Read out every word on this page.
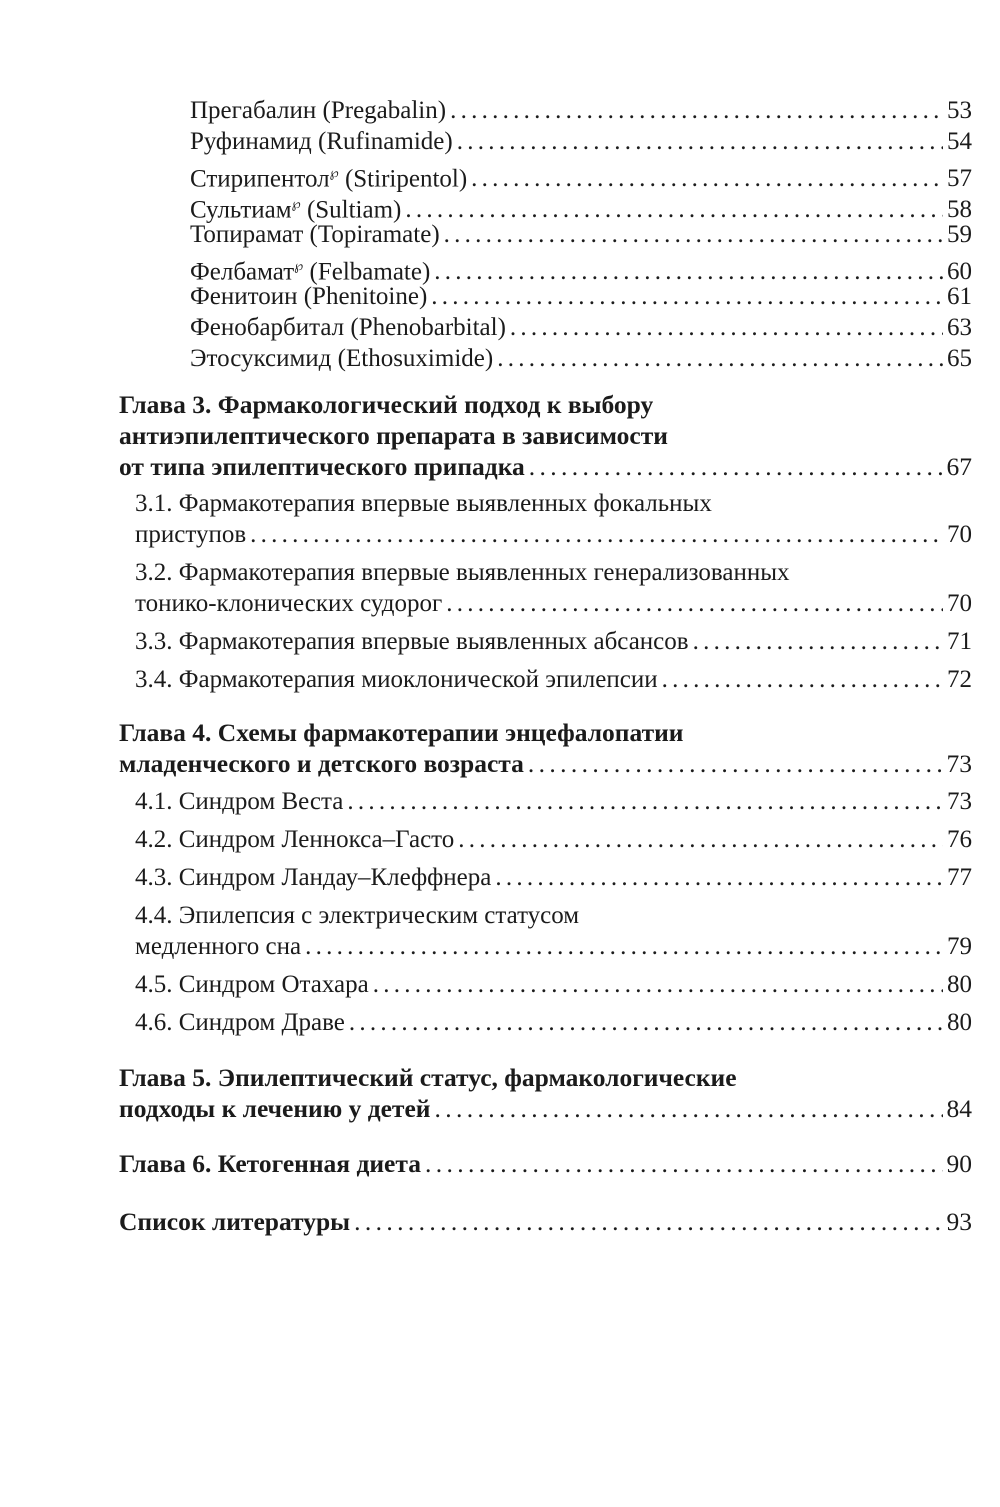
Прегабалин (Pregabalin) . . .	53
Руфинамид (Rufinamide) . . .	54
Стирипентол℘ (Stiripentol) . . .	57
Сультиам℘ (Sultiam) . . .	58
Топирамат (Topiramate) . . .	59
Фелбамат℘ (Felbamate) . . .	60
Фенитоин (Phenitoine) . . .	61
Фенобарбитал (Phenobarbital) . . .	63
Этосуксимид (Ethosuximide) . . .	65
Глава 3. Фармакологический подход к выбору
антиэпилептического препарата в зависимости
от типа эпилептического припадка . . .	67
3.1. Фармакотерапия впервые выявленных фокальных
приступов . . .	70
3.2. Фармакотерапия впервые выявленных генерализованных
тонико-клонических судорог . . .	70
3.3. Фармакотерапия впервые выявленных абсансов . . .	71
3.4. Фармакотерапия миоклонической эпилепсии . . .	72
Глава 4. Схемы фармакотерапии энцефалопатии
младенческого и детского возраста . . .	73
4.1. Синдром Веста . . .	73
4.2. Синдром Леннокса–Гасто . . .	76
4.3. Синдром Ландау–Клеффнера . . .	77
4.4. Эпилепсия с электрическим статусом
медленного сна . . .	79
4.5. Синдром Отахара . . .	80
4.6. Синдром Драве . . .	80
Глава 5. Эпилептический статус, фармакологические
подходы к лечению у детей . . .	84
Глава 6. Кетогенная диета . . .	90
Список литературы . . .	93
